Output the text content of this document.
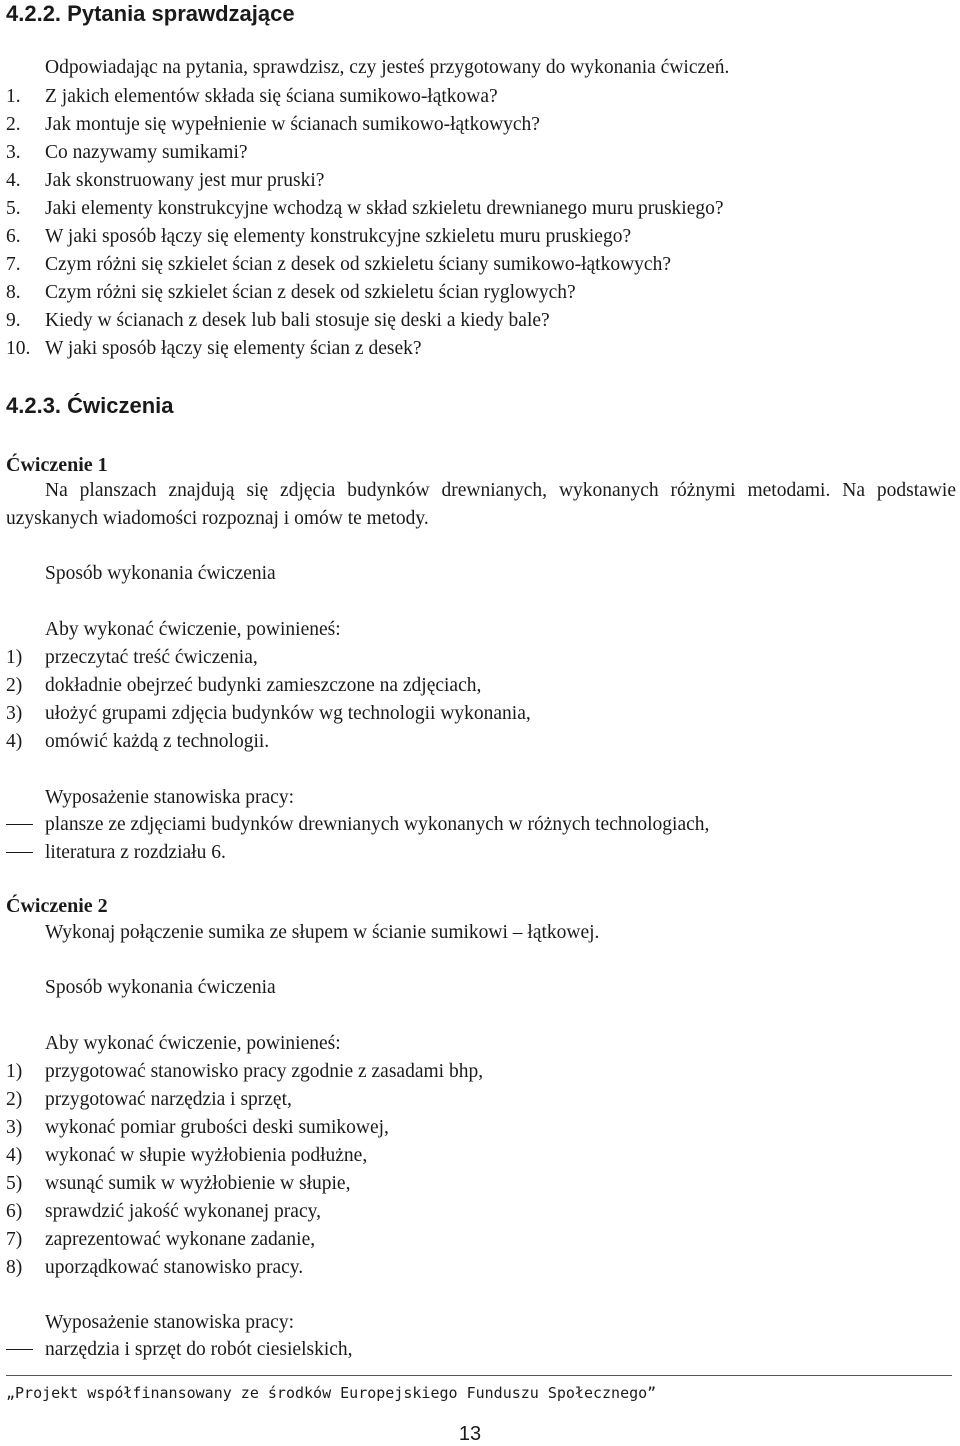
4.2.2. Pytania sprawdzające
Odpowiadając na pytania, sprawdzisz, czy jesteś przygotowany do wykonania ćwiczeń.
1. Z jakich elementów składa się ściana sumikowo-łątkowa?
2. Jak montuje się wypełnienie w ścianach sumikowo-łątkowych?
3. Co nazywamy sumikami?
4. Jak skonstruowany jest mur pruski?
5. Jaki elementy konstrukcyjne wchodzą w skład szkieletu drewnianego muru pruskiego?
6. W jaki sposób łączy się elementy konstrukcyjne szkieletu muru pruskiego?
7. Czym różni się szkielet ścian z desek od szkieletu ściany sumikowo-łątkowych?
8. Czym różni się szkielet ścian z desek od szkieletu ścian ryglowych?
9. Kiedy w ścianach z desek lub bali stosuje się deski a kiedy bale?
10. W jaki sposób łączy się elementy ścian z desek?
4.2.3. Ćwiczenia
Ćwiczenie 1

Na planszach znajdują się zdjęcia budynków drewnianych, wykonanych różnymi metodami. Na podstawie uzyskanych wiadomości rozpoznaj i omów te metody.

Sposób wykonania ćwiczenia
Aby wykonać ćwiczenie, powinieneś:
1) przeczytać treść ćwiczenia,
2) dokładnie obejrzeć budynki zamieszczone na zdjęciach,
3) ułożyć grupami zdjęcia budynków wg technologii wykonania,
4) omówić każdą z technologii.
Wyposażenie stanowiska pracy:
plansze ze zdjęciami budynków drewnianych wykonanych w różnych technologiach,
literatura z rozdziału 6.
Ćwiczenie 2
Wykonaj połączenie sumika ze słupem w ścianie sumikowi – łątkowej.
Sposób wykonania ćwiczenia
Aby wykonać ćwiczenie, powinieneś:
1) przygotować stanowisko pracy zgodnie z zasadami bhp,
2) przygotować narzędzia i sprzęt,
3) wykonać pomiar grubości deski sumikowej,
4) wykonać w słupie wyżłobienia podłużne,
5) wsunąć sumik w wyżłobienie w słupie,
6) sprawdzić jakość wykonanej pracy,
7) zaprezentować wykonane zadanie,
8) uporządkować stanowisko pracy.
Wyposażenie stanowiska pracy:
narzędzia i sprzęt do robót ciesielskich,
„Projekt współfinansowany ze środków Europejskiego Funduszu Społecznego”
13
